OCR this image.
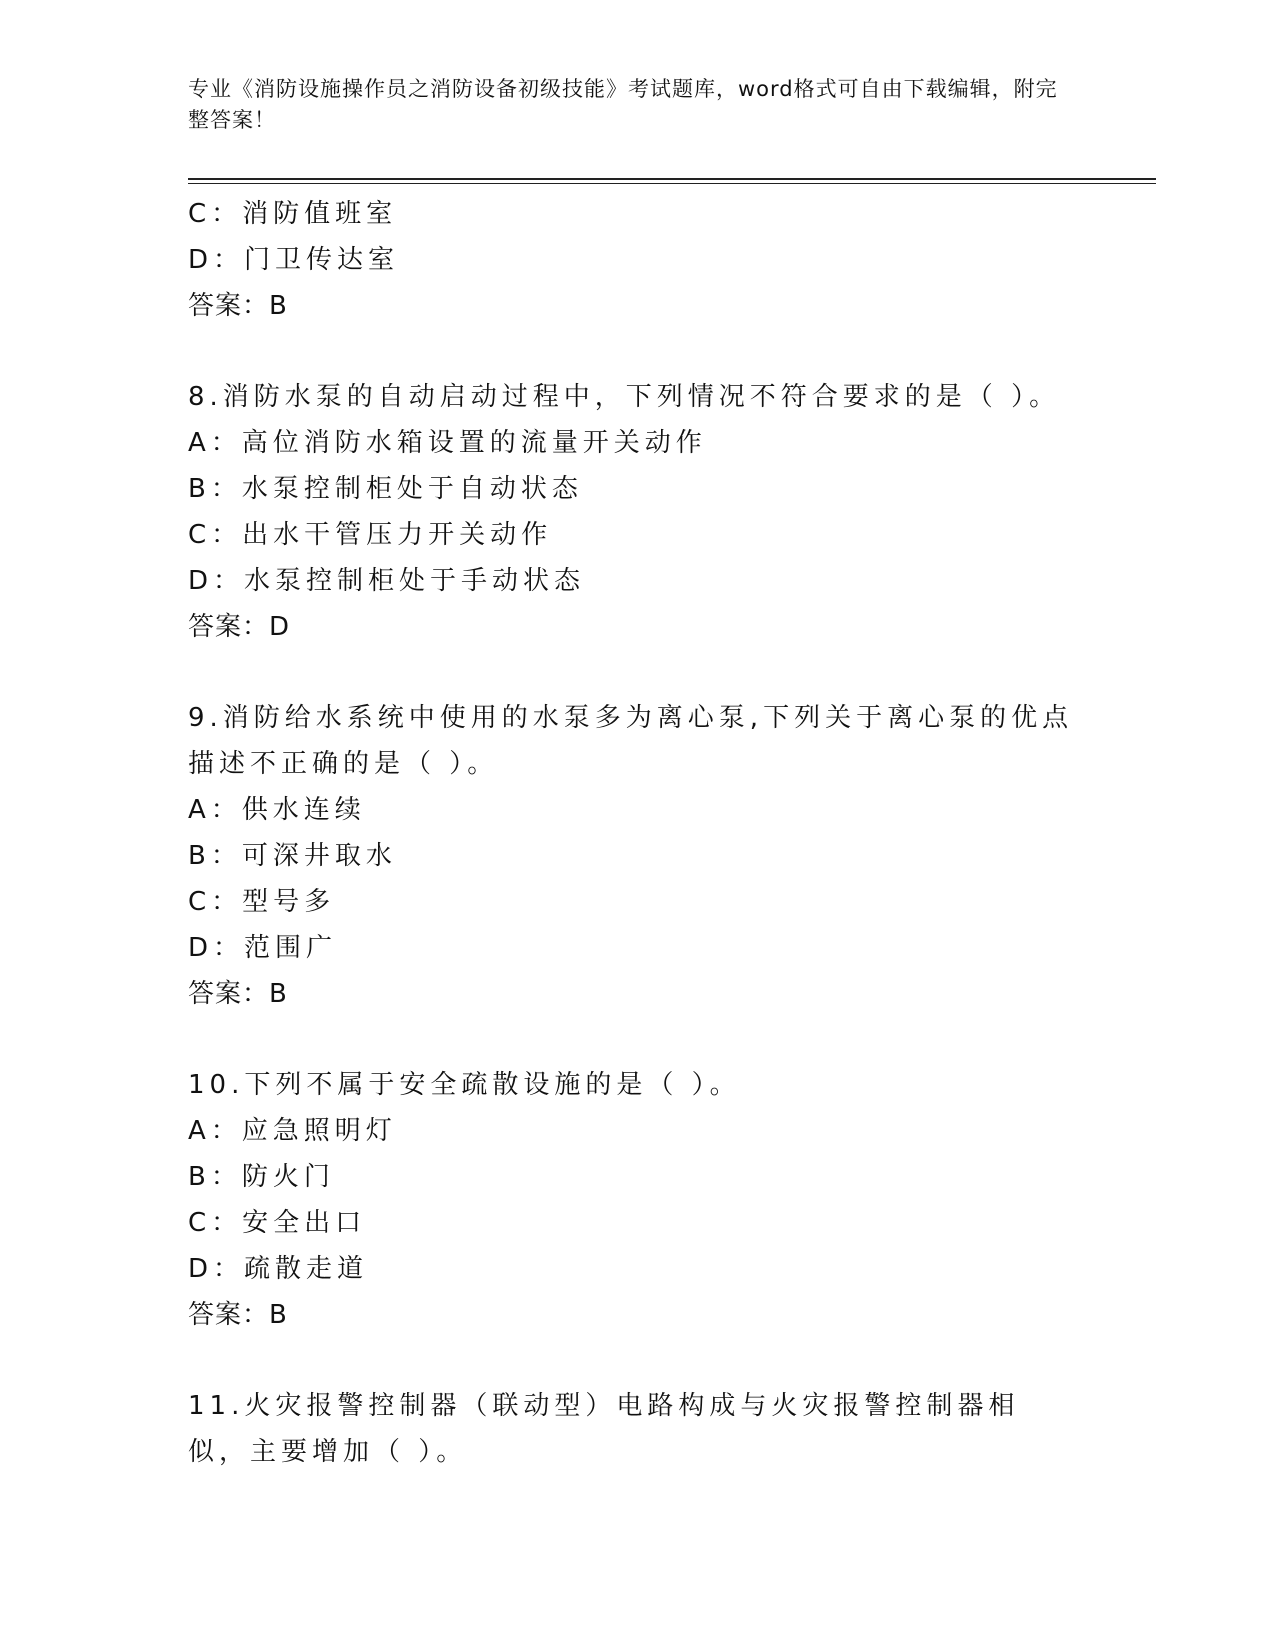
专业《消防设施操作员之消防设备初级技能》考试题库，word格式可自由下载编辑，附完整答案！
C：消防值班室
D：门卫传达室
答案：B
8.消防水泵的自动启动过程中，下列情况不符合要求的是（ ）。
A：高位消防水箱设置的流量开关动作
B：水泵控制柜处于自动状态
C：出水干管压力开关动作
D：水泵控制柜处于手动状态
答案：D
9.消防给水系统中使用的水泵多为离心泵,下列关于离心泵的优点描述不正确的是（ ）。
A：供水连续
B：可深井取水
C：型号多
D：范围广
答案：B
10.下列不属于安全疏散设施的是（ ）。
A：应急照明灯
B：防火门
C：安全出口
D：疏散走道
答案：B
11.火灾报警控制器（联动型）电路构成与火灾报警控制器相似，主要增加（ ）。
